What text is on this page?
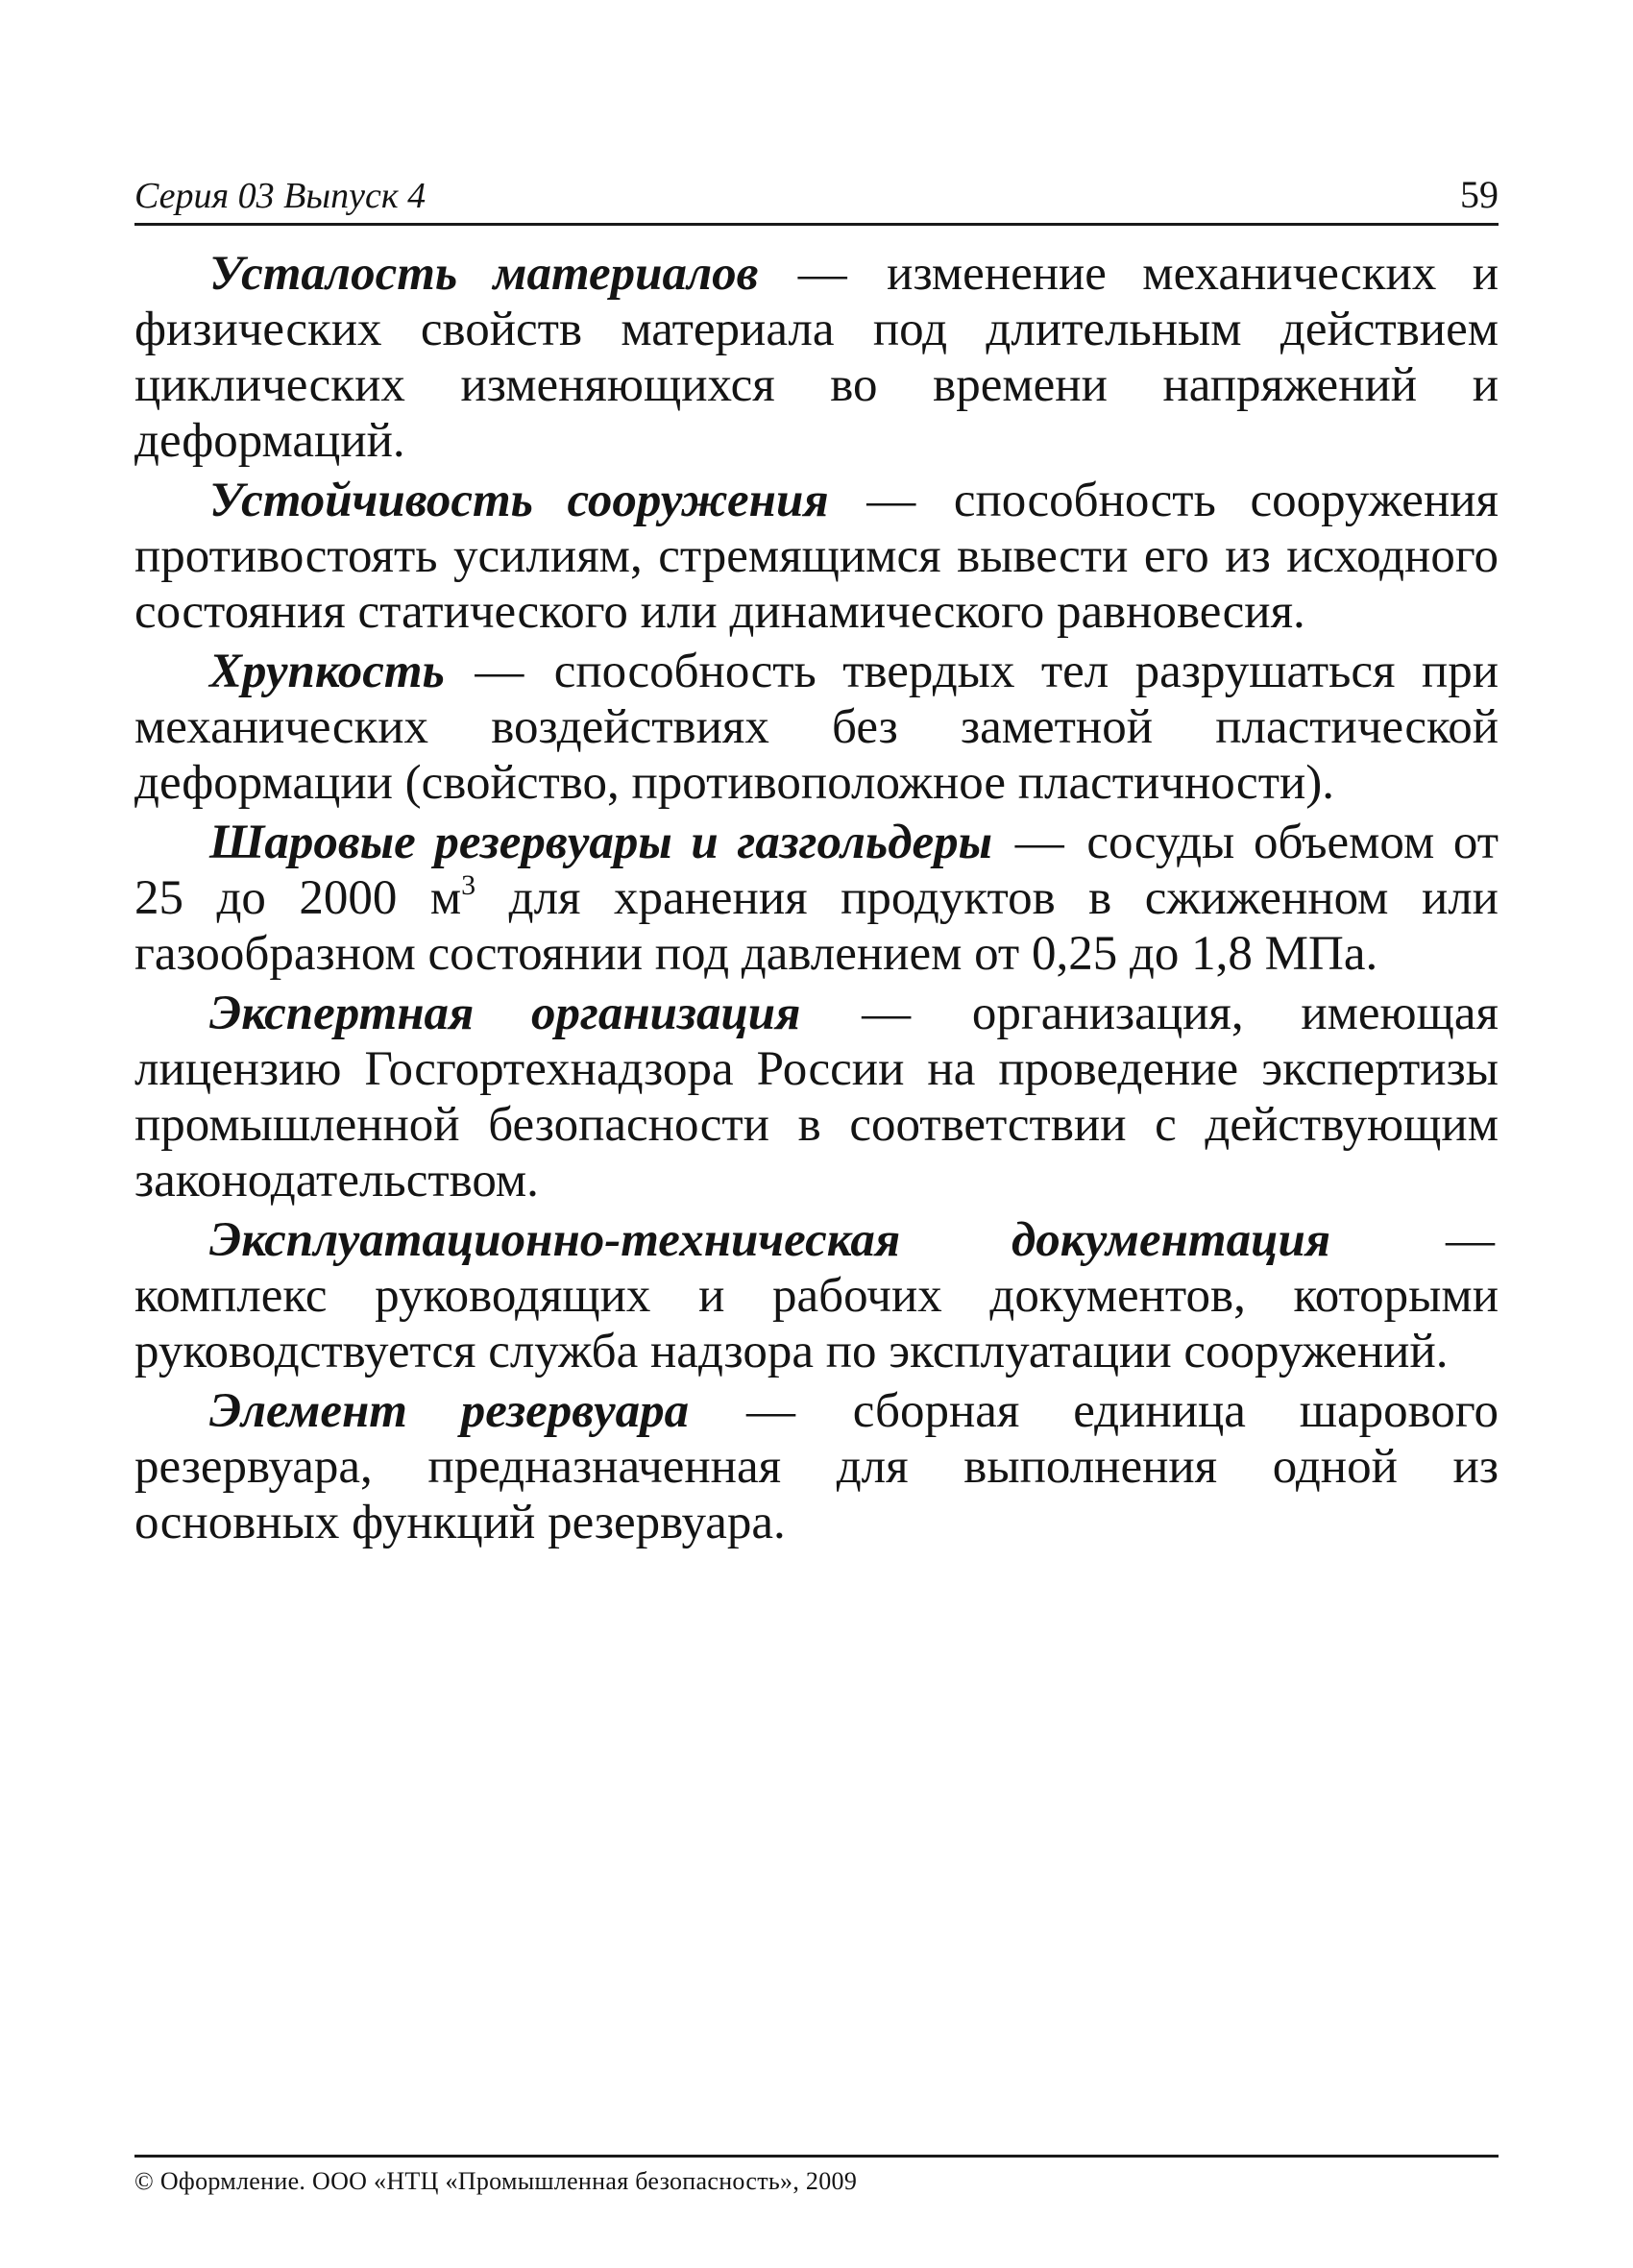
Серия 03 Выпуск 4	59

Усталость материалов — изменение механических и физических свойств материала под длительным действием циклических изменяющихся во времени напряжений и деформаций.

Устойчивость сооружения — способность сооружения противостоять усилиям, стремящимся вывести его из исходного состояния статического или динамического равновесия.

Хрупкость — способность твердых тел разрушаться при механических воздействиях без заметной пластической деформации (свойство, противоположное пластичности).

Шаровые резервуары и газгольдеры — сосуды объемом от 25 до 2000 $м^3$ для хранения продуктов в сжиженном или газообразном состоянии под давлением от 0,25 до 1,8 МПа.

Экспертная организация — организация, имеющая лицензию Госгортехнадзора России на проведение экспертизы промышленной безопасности в соответствии с действующим законодательством.

Эксплуатационно-техническая документация — комплекс руководящих и рабочих документов, которыми руководствуется служба надзора по эксплуатации сооружений.

Элемент резервуара — сборная единица шарового резервуара, предназначенная для выполнения одной из основных функций резервуара.

© Оформление. ООО «НТЦ «Промышленная безопасность», 2009
